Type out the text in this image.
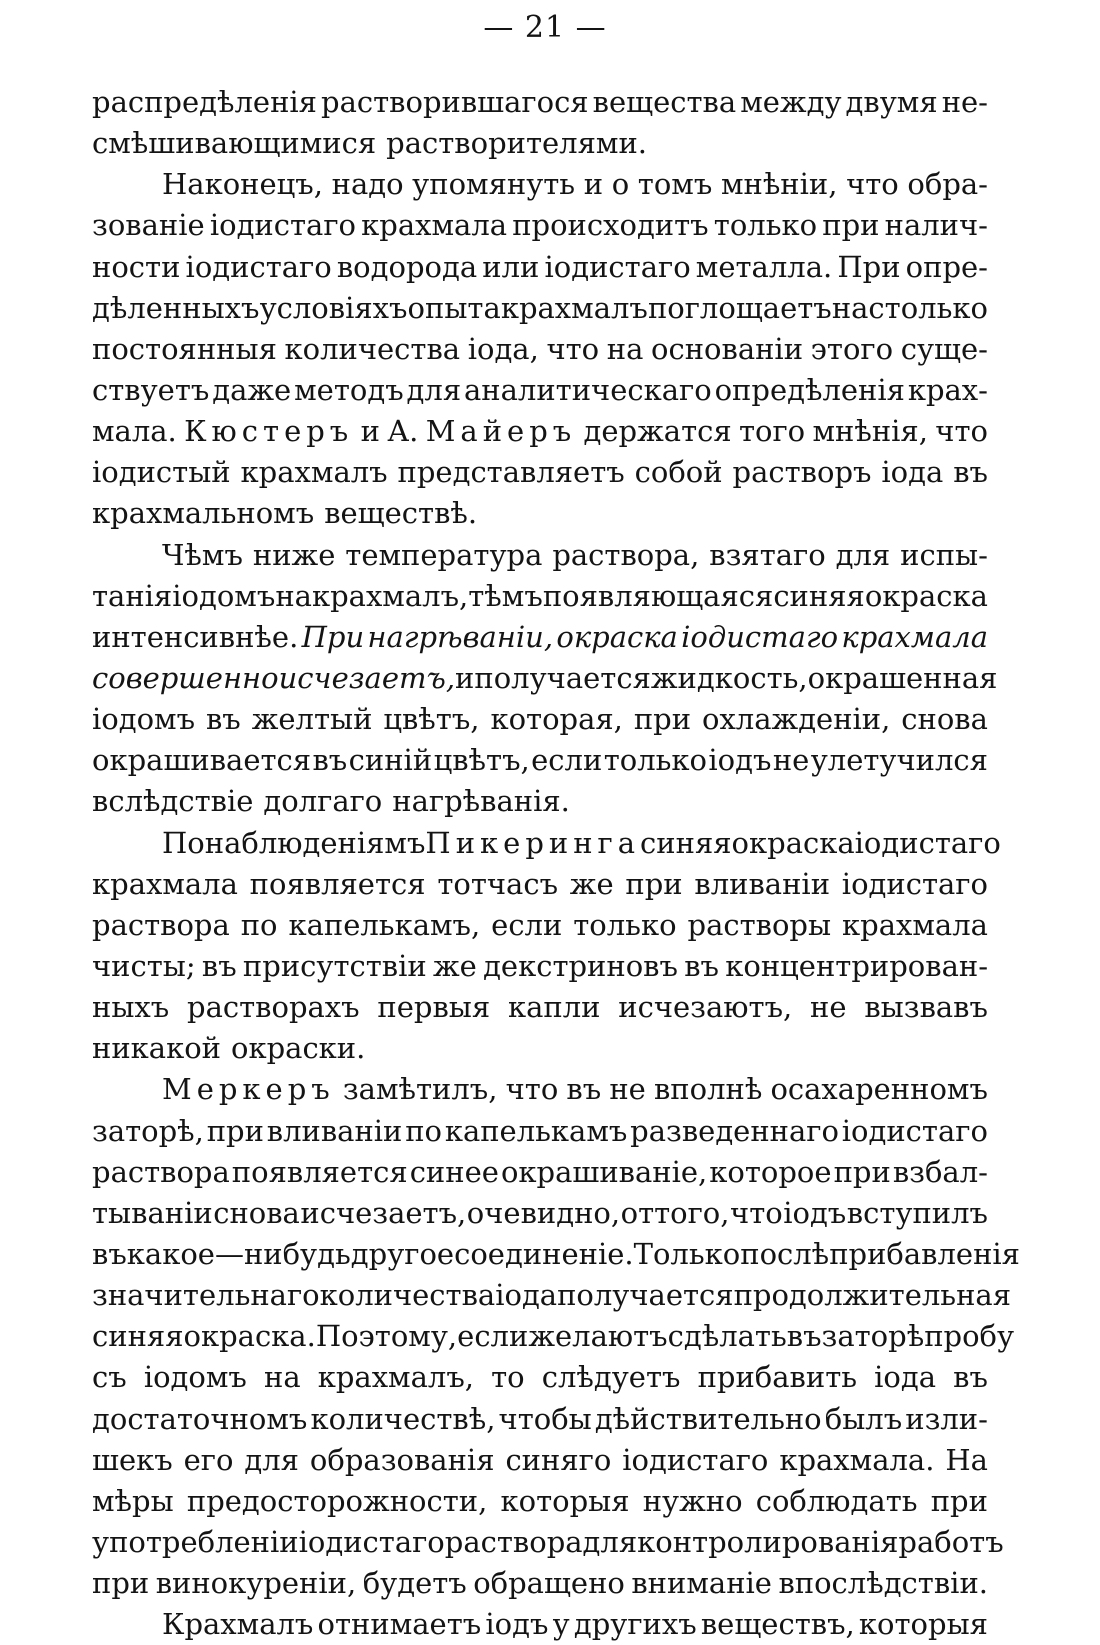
— 21 —
распредѣленія растворившагося вещества между двумя не-
смѣшивающимися растворителями.
Наконецъ, надо упомянуть и о томъ мнѣніи, что обра-
зованіе іодистаго крахмала происходитъ только при налич-
ности іодистаго водорода или іодистаго металла. При опре-
дѣленныхъ условіяхъ опыта крахмалъ поглощаетъ настолько
постоянныя количества іода, что на основаніи этого суще-
ствуетъ даже методъ для аналитическаго опредѣленія крах-
мала. Кюстеръ и А. Майеръ держатся того мнѣнія, что
іодистый крахмалъ представляетъ собой растворъ іода въ
крахмальномъ веществѣ.
Чѣмъ ниже температура раствора, взятаго для испы-
танія іодомъ на крахмалъ, тѣмъ появляющаяся синяя окраска
интенсивнѣе. При нагрѣваніи, окраска іодистаго крахмала
совершенно исчезаетъ, и получается жидкость, окрашенная
іодомъ въ желтый цвѣтъ, которая, при охлажденіи, снова
окрашивается въ синій цвѣтъ, если только іодъ не улетучился
вслѣдствіе долгаго нагрѣванія.
По наблюденіямъ Пикеринга синяя окраска іодистаго
крахмала появляется тотчасъ же при вливаніи іодистаго
раствора по капелькамъ, если только растворы крахмала
чисты; въ присутствіи же декстриновъ въ концентрирован-
ныхъ растворахъ первыя капли исчезаютъ, не вызвавъ
никакой окраски.
Меркеръ замѣтилъ, что въ не вполнѣ осахаренномъ
заторѣ, при вливаніи по капелькамъ разведеннаго іодистаго
раствора появляется синее окрашиваніе, которое при взбал-
тываніи снова исчезаетъ, очевидно, оттого, что іодъ вступилъ
въ какое—нибудь другое соединеніе. Только послѣ прибавленія
значительнаго количества іода получается продолжительная
синяя окраска. Поэтому, если желаютъ сдѣлать въ заторѣ пробу
съ іодомъ на крахмалъ, то слѣдуетъ прибавить іода въ
достаточномъ количествѣ, чтобы дѣйствительно былъ изли-
шекъ его для образованія синяго іодистаго крахмала. На
мѣры предосторожности, которыя нужно соблюдать при
употребленіи іодистаго раствора для контролированія работъ
при винокуреніи, будетъ обращено вниманіе впослѣдствіи.
Крахмалъ отнимаетъ іодъ у другихъ веществъ, которыя
